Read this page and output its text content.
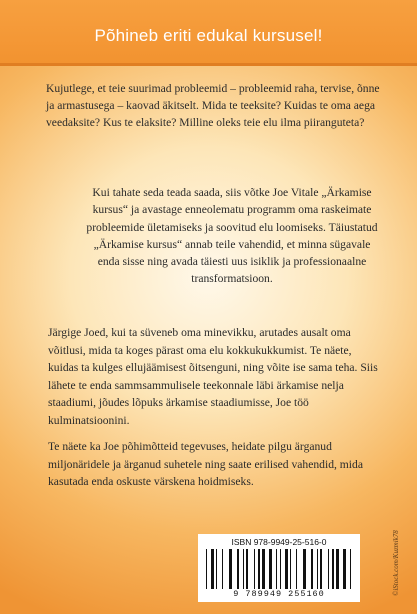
Põhineb eriti edukal kursusel!

Kujutlege, et teie suurimad probleemid – probleemid raha, tervise, õnne ja armastusega – kaovad äkitselt. Mida te teeksite? Kuidas te oma aega veedaksite? Kus te elaksite? Milline oleks teie elu ilma piiranguteta?

Kui tahate seda teada saada, siis võtke Joe Vitale „Ärkamise kursus“ ja avastage enneolematu programm oma raskeimate probleemide ületamiseks ja soovitud elu loomiseks. Täiustatud „Ärkamise kursus“ annab teile vahendid, et minna sügavale enda sisse ning avada täiesti uus isiklik ja professionaalne transformatsioon.

Järgige Joed, kui ta süveneb oma minevikku, arutades ausalt oma võitlusi, mida ta koges pärast oma elu kokkukukkumist. Te näete, kuidas ta kulges ellujäämisest õitsenguni, ning võite ise sama teha. Siis lähete te enda sammsammulisele teekonnale läbi ärkamise nelja staadiumi, jõudes lõpuks ärkamise staadiumisse, Joe töö kulminatsioonini.

Te näete ka Joe põhimõtteid tegevuses, heidate pilgu ärganud miljonäridele ja ärganud suhetele ning saate erilised vahendid, mida kasutada enda oskuste värskena hoidmiseks.

ISBN 978-9949-25-516-0
9 789949 255160	©iStock.com/Kuzmik78
